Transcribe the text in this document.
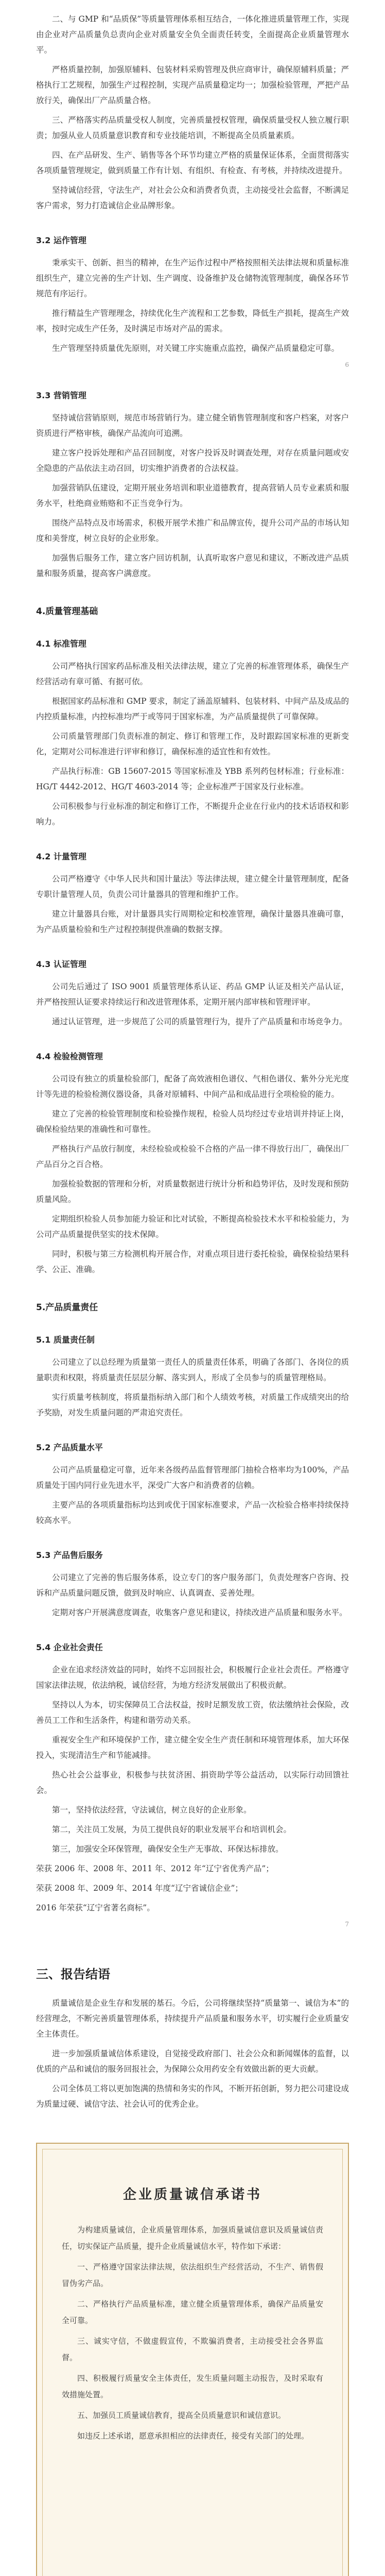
二、与 GMP 和“品质保”等质量管理体系相互结合，一体化推进质量管理工作，实现由企业对产品质量负总责向企业对质量安全负全面责任转变，全面提高企业质量管理水平。

严格质量控制，加强原辅料、包装材料采购管理及供应商审计，确保原辅料质量；严格执行工艺规程，加强生产过程控制，实现产品质量稳定均一；加强检验管理，严把产品放行关，确保出厂产品质量合格。

三、严格落实药品质量受权人制度，完善质量授权管理，确保质量受权人独立履行职责；加强从业人员质量意识教育和专业技能培训，不断提高全员质量素质。

四、在产品研发、生产、销售等各个环节均建立严格的质量保证体系，全面贯彻落实各项质量管理规定，做到质量工作有计划、有组织、有检查、有考核，并持续改进提升。

坚持诚信经营，守法生产，对社会公众和消费者负责，主动接受社会监督，不断满足客户需求，努力打造诚信企业品牌形象。

3.2 运作管理

秉承实干、创新、担当的精神，在生产运作过程中严格按照相关法律法规和质量标准组织生产，建立完善的生产计划、生产调度、设备维护及仓储物流管理制度，确保各环节规范有序运行。

推行精益生产管理理念，持续优化生产流程和工艺参数，降低生产损耗，提高生产效率，按时完成生产任务，及时满足市场对产品的需求。

生产管理坚持质量优先原则，对关键工序实施重点监控，确保产品质量稳定可靠。

6
3.3 营销管理

坚持诚信营销原则，规范市场营销行为。建立健全销售管理制度和客户档案，对客户资质进行严格审核，确保产品流向可追溯。

建立客户投诉处理和产品召回制度，对客户投诉及时调查处理，对存在质量问题或安全隐患的产品依法主动召回，切实维护消费者的合法权益。

加强营销队伍建设，定期开展业务培训和职业道德教育，提高营销人员专业素质和服务水平，杜绝商业贿赂和不正当竞争行为。

围绕产品特点及市场需求，积极开展学术推广和品牌宣传，提升公司产品的市场认知度和美誉度，树立良好的企业形象。

加强售后服务工作，建立客户回访机制，认真听取客户意见和建议，不断改进产品质量和服务质量，提高客户满意度。

4.质量管理基础
4.1 标准管理

公司严格执行国家药品标准及相关法律法规，建立了完善的标准管理体系，确保生产经营活动有章可循、有据可依。

根据国家药品标准和 GMP 要求，制定了涵盖原辅料、包装材料、中间产品及成品的内控质量标准，内控标准均严于或等同于国家标准，为产品质量提供了可靠保障。

公司质量管理部门负责标准的制定、修订和管理工作，及时跟踪国家标准的更新变化，定期对公司标准进行评审和修订，确保标准的适宜性和有效性。

产品执行标准：GB 15607-2015 等国家标准及 YBB 系列药包材标准；行业标准：HG/T 4442-2012、HG/T 4603-2014 等；企业标准严于国家及行业标准。

公司积极参与行业标准的制定和修订工作，不断提升企业在行业内的技术话语权和影响力。

4.2 计量管理

公司严格遵守《中华人民共和国计量法》等法律法规，建立健全计量管理制度，配备专职计量管理人员，负责公司计量器具的管理和维护工作。

建立计量器具台账，对计量器具实行周期检定和校准管理，确保计量器具准确可靠，为产品质量检验和生产过程控制提供准确的数据支撑。

4.3 认证管理

公司先后通过了 ISO 9001 质量管理体系认证、药品 GMP 认证及相关产品认证，并严格按照认证要求持续运行和改进管理体系，定期开展内部审核和管理评审。

通过认证管理，进一步规范了公司的质量管理行为，提升了产品质量和市场竞争力。

4.4 检验检测管理

公司设有独立的质量检验部门，配备了高效液相色谱仪、气相色谱仪、紫外分光光度计等先进的检验检测仪器设备，具备对原辅料、中间产品和成品进行全项检验的能力。

建立了完善的检验管理制度和检验操作规程，检验人员均经过专业培训并持证上岗，确保检验结果的准确性和可靠性。

严格执行产品放行制度，未经检验或检验不合格的产品一律不得放行出厂，确保出厂产品百分之百合格。

加强检验数据的管理和分析，对质量数据进行统计分析和趋势评估，及时发现和预防质量风险。

定期组织检验人员参加能力验证和比对试验，不断提高检验技术水平和检验能力，为公司产品质量提供坚实的技术保障。

同时，积极与第三方检测机构开展合作，对重点项目进行委托检验，确保检验结果科学、公正、准确。

5.产品质量责任
5.1 质量责任制

公司建立了以总经理为质量第一责任人的质量责任体系，明确了各部门、各岗位的质量职责和权限，将质量责任层层分解、落实到人，形成了全员参与的质量管理格局。

实行质量考核制度，将质量指标纳入部门和个人绩效考核，对质量工作成绩突出的给予奖励，对发生质量问题的严肃追究责任。

5.2 产品质量水平

公司产品质量稳定可靠，近年来各级药品监督管理部门抽检合格率均为100%，产品质量处于国内同行业先进水平，深受广大客户和消费者的信赖。

主要产品的各项质量指标均达到或优于国家标准要求，产品一次检验合格率持续保持较高水平。

5.3 产品售后服务

公司建立了完善的售后服务体系，设立专门的客户服务部门，负责处理客户咨询、投诉和产品质量问题反馈，做到及时响应、认真调查、妥善处理。

定期对客户开展满意度调查，收集客户意见和建议，持续改进产品质量和服务水平。

5.4 企业社会责任

企业在追求经济效益的同时，始终不忘回报社会，积极履行企业社会责任。严格遵守国家法律法规，依法纳税，诚信经营，为地方经济发展做出了积极贡献。

坚持以人为本，切实保障员工合法权益，按时足额发放工资，依法缴纳社会保险，改善员工工作和生活条件，构建和谐劳动关系。

重视安全生产和环境保护工作，建立健全安全生产责任制和环境管理体系，加大环保投入，实现清洁生产和节能减排。

热心社会公益事业，积极参与扶贫济困、捐资助学等公益活动，以实际行动回馈社会。

第一，坚持依法经营，守法诚信，树立良好的企业形象。

第二，关注员工发展，为员工提供良好的职业发展平台和培训机会。

第三，加强安全环保管理，确保安全生产无事故、环保达标排放。

荣获 2006 年、2008 年、2011 年、2012 年“辽宁省优秀产品”；

荣获 2008 年、2009 年、2014 年度“辽宁省诚信企业”；

2016 年荣获“辽宁省著名商标”。

7
三、报告结语

质量诚信是企业生存和发展的基石。今后，公司将继续坚持“质量第一、诚信为本”的经营理念，不断完善质量管理体系，持续提升产品质量和服务水平，切实履行企业质量安全主体责任。

进一步加强质量诚信体系建设，自觉接受政府部门、社会公众和新闻媒体的监督，以优质的产品和诚信的服务回报社会，为保障公众用药安全有效做出新的更大贡献。

公司全体员工将以更加饱满的热情和务实的作风，不断开拓创新，努力把公司建设成为质量过硬、诚信守法、社会认可的优秀企业。

企业质量诚信承诺书

为构建质量诚信，企业质量管理体系，加强质量诚信意识及质量诚信责任，切实保证产品质量，提升企业质量诚信水平，特作如下承诺：

一、严格遵守国家法律法规，依法组织生产经营活动，不生产、销售假冒伪劣产品。

二、严格执行产品质量标准，建立健全质量管理体系，确保产品质量安全可靠。

三、诚实守信，不做虚假宣传，不欺骗消费者，主动接受社会各界监督。

四、积极履行质量安全主体责任，发生质量问题主动报告，及时采取有效措施处置。

五、加强员工质量诚信教育，提高全员质量意识和诚信意识。

如违反上述承诺，愿意承担相应的法律责任，接受有关部门的处理。
